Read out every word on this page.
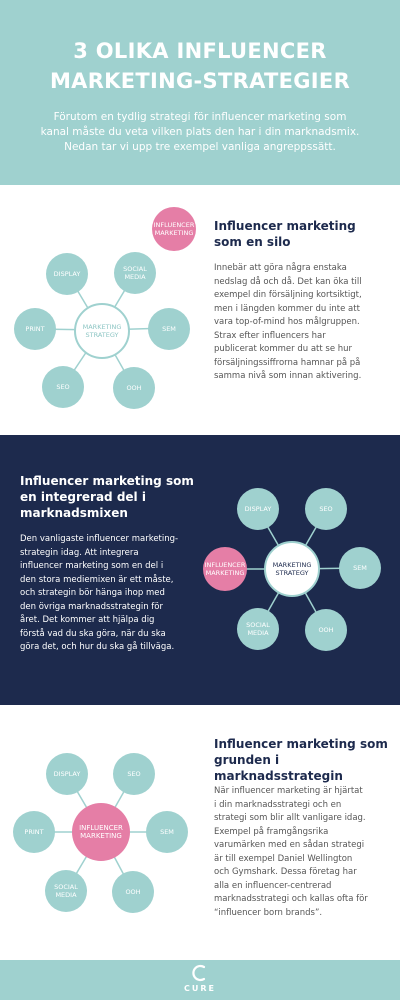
3 OLIKA INFLUENCER
MARKETING-STRATEGIER

Förutom en tydlig strategi för influencer marketing som
kanal måste du veta vilken plats den har i din marknadsmix.
Nedan tar vi upp tre exempel vanliga angreppssätt.

INFLUENCER MARKETING
MARKETING STRATEGY
DISPLAY
SOCIAL MEDIA
SEM
OOH
SEO
PRINT
Influencer marketing
som en silo

Innebär att göra några enstaka
nedslag då och då. Det kan öka till
exempel din försäljning kortsiktigt,
men i längden kommer du inte att
vara top-of-mind hos målgruppen.
Strax efter influencers har
publicerat kommer du att se hur
försäljningssiffrorna hamnar på på
samma nivå som innan aktivering.

Influencer marketing som
en integrerad del i
marknadsmixen

Den vanligaste influencer marketing-
strategin idag. Att integrera
influencer marketing som en del i
den stora mediemixen är ett måste,
och strategin bör hänga ihop med
den övriga marknadsstrategin för
året. Det kommer att hjälpa dig
förstå vad du ska göra, när du ska
göra det, och hur du ska gå tillväga.

MARKETING STRATEGY
INFLUENCER MARKETING
DISPLAY	SEO
SEM
OOH
SOCIAL MEDIA
INFLUENCER MARKETING
DISPLAY	SEO
SEM
OOH
SOCIAL MEDIA
PRINT
Influencer marketing som
grunden i marknadsstrategin

När influencer marketing är hjärtat
i din marknadsstrategi och en
strategi som blir allt vanligare idag.
Exempel på framgångsrika
varumärken med en sådan strategi
är till exempel Daniel Wellington
och Gymshark. Dessa företag har
alla en influencer-centrerad
marknadsstrategi och kallas ofta för
“influencer born brands”.

CURE
